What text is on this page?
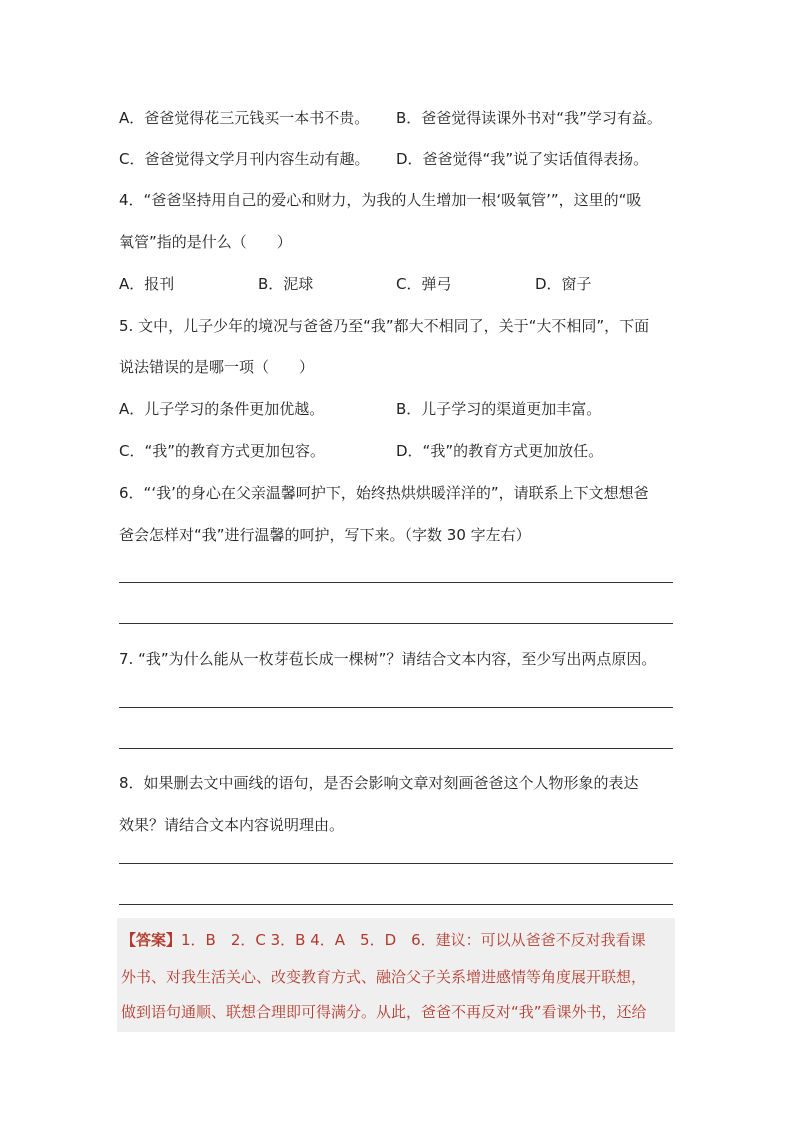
A．爸爸觉得花三元钱买一本书不贵。 B．爸爸觉得读课外书对“我”学习有益。
C．爸爸觉得文学月刊内容生动有趣。 D．爸爸觉得“我”说了实话值得表扬。
4．“爸爸坚持用自己的爱心和财力，为我的人生增加一根‘吸氧管’”，这里的“吸
氧管”指的是什么（　　）
A．报刊	B．泥球	C．弹弓	D．窗子
5. 文中，儿子少年的境况与爸爸乃至“我”都大不相同了，关于“大不相同”，下面
说法错误的是哪一项（　　）
A．儿子学习的条件更加优越。	B．儿子学习的渠道更加丰富。
C．“我”的教育方式更加包容。	D．“我”的教育方式更加放任。
6．“‘我’的身心在父亲温馨呵护下，始终热烘烘暖洋洋的”，请联系上下文想想爸
爸会怎样对“我”进行温馨的呵护，写下来。（字数 30 字左右）
7. “我”为什么能从一枚芽苞长成一棵树”？请结合文本内容，至少写出两点原因。
8．如果删去文中画线的语句，是否会影响文章对刻画爸爸这个人物形象的表达
效果？请结合文本内容说明理由。
【答案】1．B　2．C 3．B 4．A　5．D　6．建议：可以从爸爸不反对我看课
外书、对我生活关心、改变教育方式、融洽父子关系增进感情等角度展开联想，
做到语句通顺、联想合理即可得满分。从此，爸爸不再反对“我”看课外书，还给
